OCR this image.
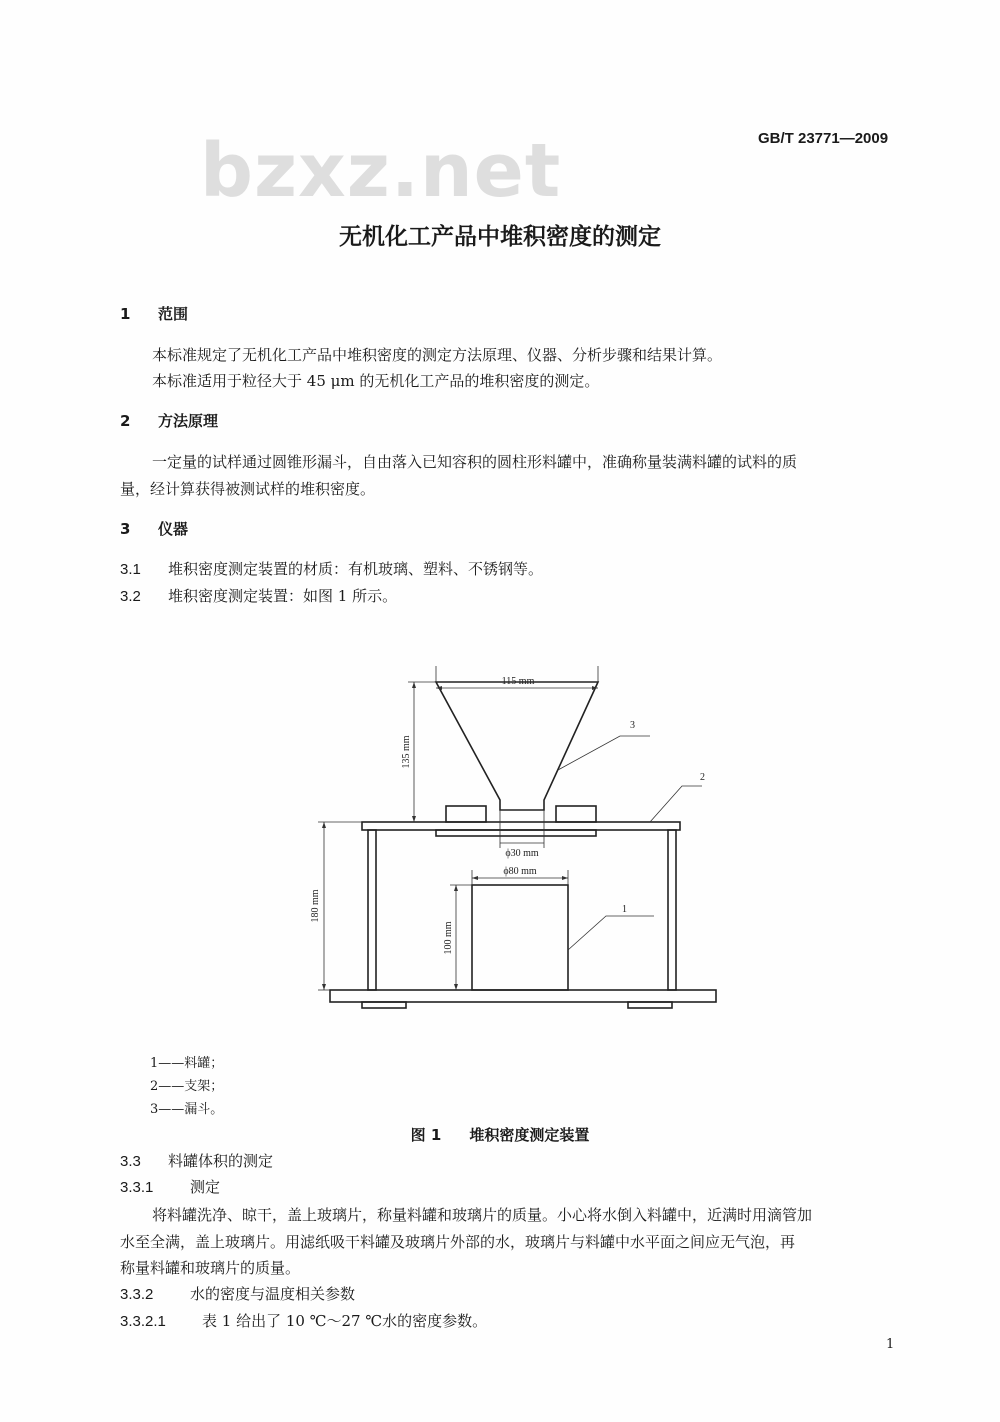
bzxz.net	GB/T 23771—2009
无机化工产品中堆积密度的测定
1 范围
本标准规定了无机化工产品中堆积密度的测定方法原理、仪器、分析步骤和结果计算。
本标准适用于粒径大于 45 μm 的无机化工产品的堆积密度的测定。
2 方法原理
一定量的试样通过圆锥形漏斗，自由落入已知容积的圆柱形料罐中，准确称量装满料罐的试料的质
量，经计算获得被测试样的堆积密度。
3 仪器
3.1 堆积密度测定装置的材质：有机玻璃、塑料、不锈钢等。
3.2 堆积密度测定装置：如图 1 所示。
115 mm
135 mm
ϕ30 mm
180 mm
ϕ80 mm
100 mm
3
2
1
1——料罐；
2——支架；
3——漏斗。
图 1 堆积密度测定装置
3.3 料罐体积的测定
3.3.1 测定
将料罐洗净、晾干，盖上玻璃片，称量料罐和玻璃片的质量。小心将水倒入料罐中，近满时用滴管加
水至全满，盖上玻璃片。用滤纸吸干料罐及玻璃片外部的水，玻璃片与料罐中水平面之间应无气泡，再
称量料罐和玻璃片的质量。
3.3.2 水的密度与温度相关参数
3.3.2.1 表 1 给出了 10 ℃～27 ℃水的密度参数。
1
